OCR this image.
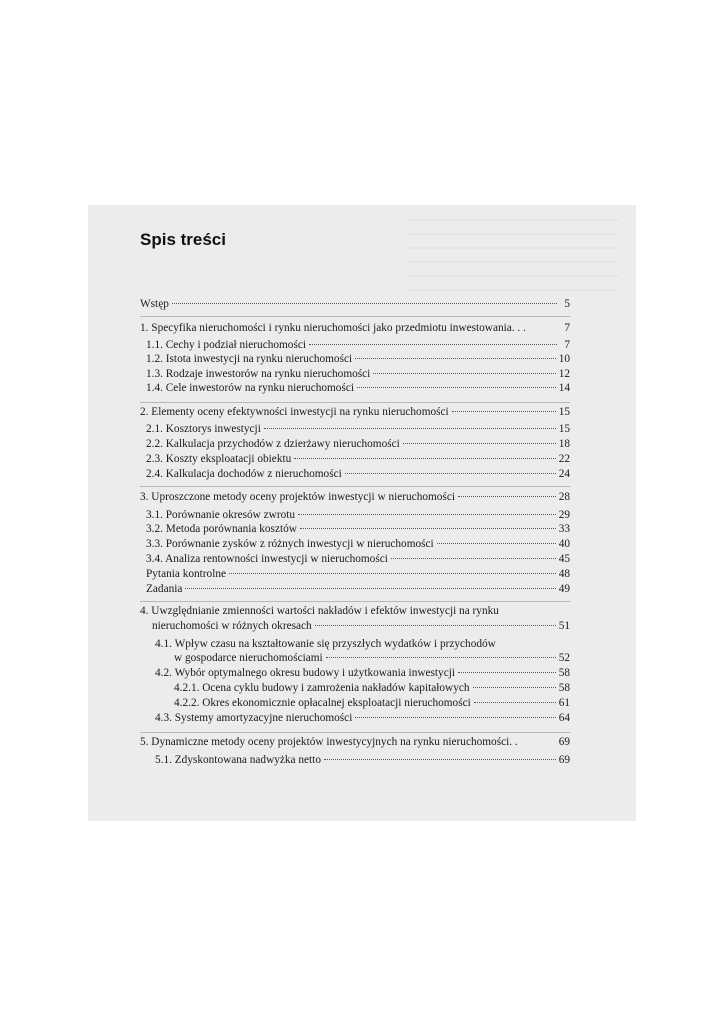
Spis treści
Wstęp	5
1. Specyfika nieruchomości i rynku nieruchomości jako przedmiotu inwestowania. . .	7
1.1. Cechy i podział nieruchomości	7
1.2. Istota inwestycji na rynku nieruchomości	10
1.3. Rodzaje inwestorów na rynku nieruchomości	12
1.4. Cele inwestorów na rynku nieruchomości	14
2. Elementy oceny efektywności inwestycji na rynku nieruchomości	15
2.1. Kosztorys inwestycji	15
2.2. Kalkulacja przychodów z dzierżawy nieruchomości	18
2.3. Koszty eksploatacji obiektu	22
2.4. Kalkulacja dochodów z nieruchomości	24
3. Uproszczone metody oceny projektów inwestycji w nieruchomości	28
3.1. Porównanie okresów zwrotu	29
3.2. Metoda porównania kosztów	33
3.3. Porównanie zysków z różnych inwestycji w nieruchomości	40
3.4. Analiza rentowności inwestycji w nieruchomości	45
Pytania kontrolne	48
Zadania	49
4. Uwzględnianie zmienności wartości nakładów i efektów inwestycji na rynku
nieruchomości w różnych okresach	51
4.1. Wpływ czasu na kształtowanie się przyszłych wydatków i przychodów
w gospodarce nieruchomościami	52
4.2. Wybór optymalnego okresu budowy i użytkowania inwestycji	58
4.2.1. Ocena cyklu budowy i zamrożenia nakładów kapitałowych	58
4.2.2. Okres ekonomicznie opłacalnej eksploatacji nieruchomości	61
4.3. Systemy amortyzacyjne nieruchomości	64
5. Dynamiczne metody oceny projektów inwestycyjnych na rynku nieruchomości. .	69
5.1. Zdyskontowana nadwyżka netto	69
